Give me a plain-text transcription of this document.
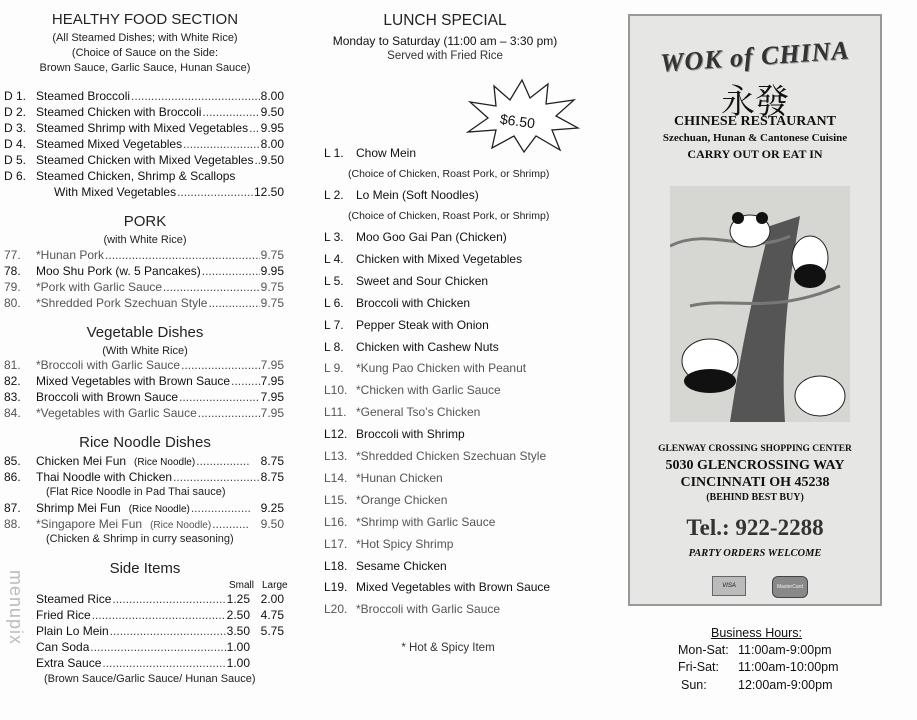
HEALTHY FOOD SECTION
(All Steamed Dishes; with White Rice)
(Choice of Sauce on the Side:
Brown Sauce, Garlic Sauce, Hunan Sauce)
D 1. Steamed Broccoli
.....	8.00
D 2. Steamed Chicken with Broccoli
.....	9.50
D 3. Steamed Shrimp with Mixed Vegetables
..... 9.95
D 4. Steamed Mixed Vegetables
.....	8.00
D 5. Steamed Chicken with Mixed Vegetables
..... 9.50
D 6. Steamed Chicken, Shrimp & Scallops
With Mixed Vegetables
.....	12.50
PORK
(with White Rice)
77.	*Hunan Pork
.....	9.75
78.	Moo Shu Pork (w. 5 Pancakes)
.....	9.95
79.	*Pork with Garlic Sauce
.....	9.75
80.	*Shredded Pork Szechuan Style
.....	9.75
Vegetable Dishes
(With White Rice)
81.	*Broccoli with Garlic Sauce
.....	7.95
82.	Mixed Vegetables with Brown Sauce
.....	7.95
83.	Broccoli with Brown Sauce
.....	7.95
84.	*Vegetables with Garlic Sauce
.....	7.95
Rice Noodle Dishes
85.	Chicken Mei Fun (Rice Noodle)
.....	8.75
86.	Thai Noodle with Chicken
.....	8.75
87.	Shrimp Mei Fun (Rice Noodle)
.....	9.25
88.	*Singapore Mei Fun (Rice Noodle)
.....	9.50
(Flat Rice Noodle in Pad Thai sauce)
(Chicken & Shrimp in curry seasoning)
Side Items
Small Large
Steamed Rice
.....	1.25 2.00
Fried Rice
.....	2.50 4.75
Plain Lo Mein
.....	3.50 5.75
Can Soda
.....	1.00
Extra Sauce
.....	1.00
(Brown Sauce/Garlic Sauce/ Hunan Sauce)
menupix
LUNCH SPECIAL
Monday to Saturday (11:00 am – 3:30 pm)
Served with Fried Rice
$6.50
L 1.	Chow Mein
(Choice of Chicken, Roast Pork, or Shrimp)
L 2.	Lo Mein (Soft Noodles)
(Choice of Chicken, Roast Pork, or Shrimp)
L 3.	Moo Goo Gai Pan (Chicken)
L 4.	Chicken with Mixed Vegetables
L 5.	Sweet and Sour Chicken
L 6.	Broccoli with Chicken
L 7.	Pepper Steak with Onion
L 8.	Chicken with Cashew Nuts
L 9.	*Kung Pao Chicken with Peanut
L10. *Chicken with Garlic Sauce
L11. *General Tso’s Chicken
L12. Broccoli with Shrimp
L13. *Shredded Chicken Szechuan Style
L14. *Hunan Chicken
L15. *Orange Chicken
L16. *Shrimp with Garlic Sauce
L17. *Hot Spicy Shrimp
L18. Sesame Chicken
L19. Mixed Vegetables with Brown Sauce
L20. *Broccoli with Garlic Sauce
* Hot & Spicy Item
WOK of CHINA
永發
CHINESE RESTAURANT
Szechuan, Hunan & Cantonese Cuisine
CARRY OUT OR EAT IN
GLENWAY CROSSING SHOPPING CENTER
5030 GLENCROSSING WAY
CINCINNATI OH 45238
(BEHIND BEST BUY)
Tel.: 922-2288
PARTY ORDERS WELCOME
VISA	MasterCard
Business Hours:
Mon-Sat: 11:00am-9:00pm
Fri-Sat:	11:00am-10:00pm
Sun:	12:00am-9:00pm
